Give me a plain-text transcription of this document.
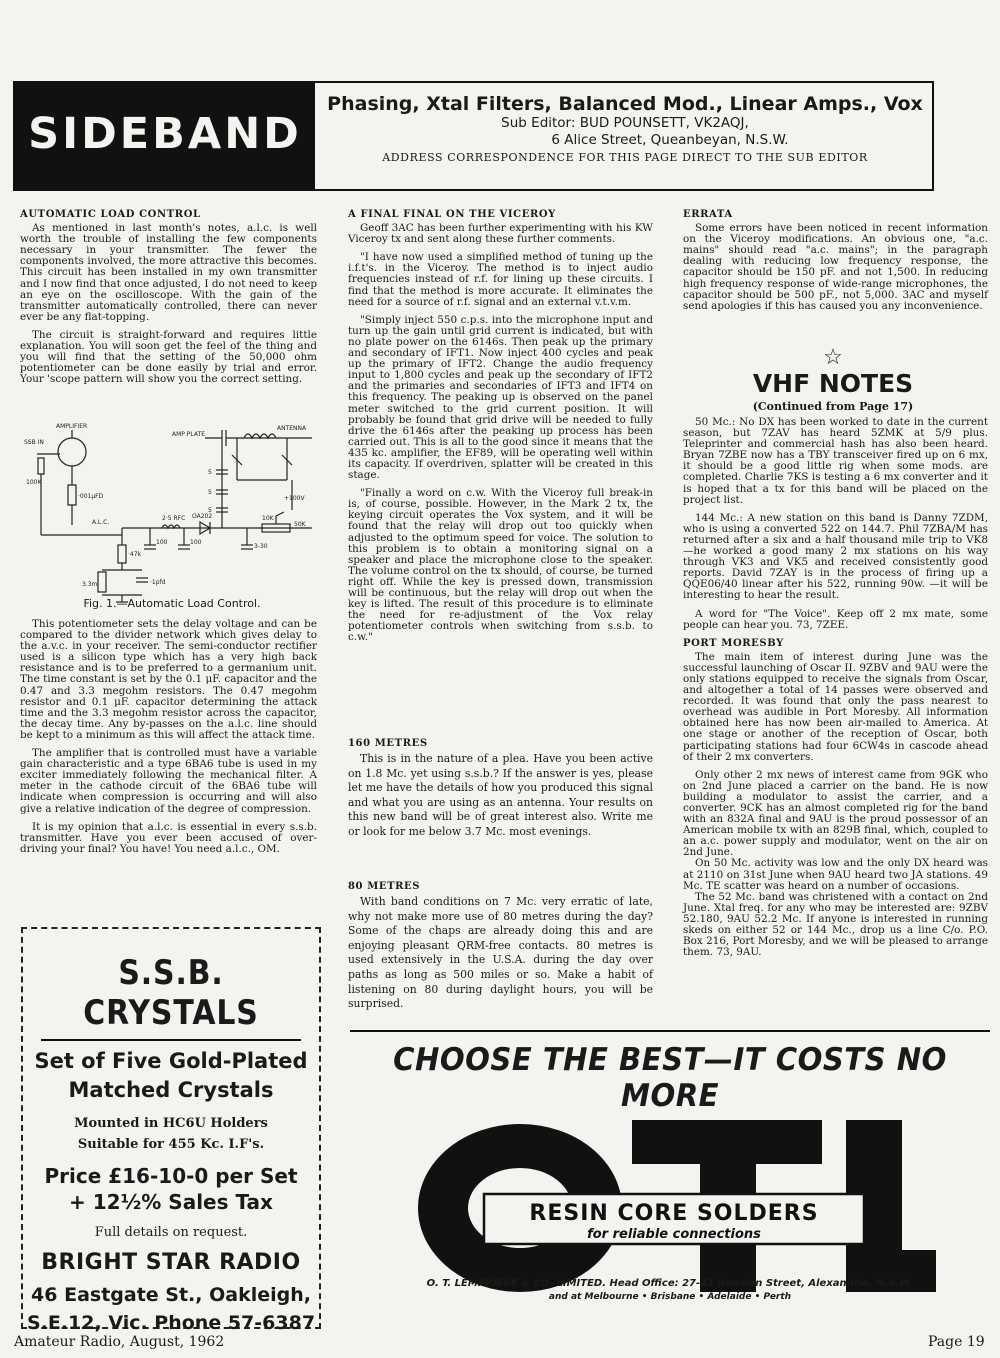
SIDEBAND
Phasing, Xtal Filters, Balanced Mod., Linear Amps., Vox
Sub Editor: BUD POUNSETT, VK2AQJ,
6 Alice Street, Queanbeyan, N.S.W.
ADDRESS CORRESPONDENCE FOR THIS PAGE DIRECT TO THE SUB EDITOR
AUTOMATIC LOAD CONTROL

As mentioned in last month's notes, a.l.c. is well worth the trouble of installing the few components necessary in your transmitter. The fewer the components involved, the more attractive this becomes. This circuit has been installed in my own transmitter and I now find that once adjusted, I do not need to keep an eye on the oscilloscope. With the gain of the transmitter automatically controlled, there can never ever be any flat-topping.

The circuit is straight-forward and requires little explanation. You will soon get the feel of the thing and you will find that the setting of the 50,000 ohm potentiometer can be done easily by trial and error. Your 'scope pattern will show you the correct setting.

AMPLIFIER
SSB IN
100K
·001μFD
AMP PLATE
ANTENNA
2·5 RFC OA202
A.L.C.
·47k
3.3m	·1pfd
100	100
10K
50K
+100V
3-30
5
5
5
Fig. 1.—Automatic Load Control.

This potentiometer sets the delay voltage and can be compared to the divider network which gives delay to the a.v.c. in your receiver. The semi-conductor rectifier used is a silicon type which has a very high back resistance and is to be preferred to a germanium unit. The time constant is set by the 0.1 μF. capacitor and the 0.47 and 3.3 megohm resistors. The 0.47 megohm resistor and 0.1 μF. capacitor determining the attack time and the 3.3 megohm resistor across the capacitor, the decay time. Any by-passes on the a.l.c. line should be kept to a minimum as this will affect the attack time.

The amplifier that is controlled must have a variable gain characteristic and a type 6BA6 tube is used in my exciter immediately following the mechanical filter. A meter in the cathode circuit of the 6BA6 tube will indicate when compression is occurring and will also give a relative indication of the degree of compression.

It is my opinion that a.l.c. is essential in every s.s.b. transmitter. Have you ever been accused of over-driving your final? You have! You need a.l.c., OM.

S.S.B. CRYSTALS
Set of Five Gold-Plated
Matched Crystals
Mounted in HC6U Holders
Suitable for 455 Kc. I.F's.
Price £16-10-0 per Set
+ 12½% Sales Tax
Full details on request.
BRIGHT STAR RADIO
46 Eastgate St., Oakleigh,
S.E.12, Vic. Phone 57-6387
A FINAL FINAL ON THE VICEROY

Geoff 3AC has been further experimenting with his KW Viceroy tx and sent along these further comments.

"I have now used a simplified method of tuning up the i.f.t's. in the Viceroy. The method is to inject audio frequencies instead of r.f. for lining up these circuits. I find that the method is more accurate. It eliminates the need for a source of r.f. signal and an external v.t.v.m.

"Simply inject 550 c.p.s. into the microphone input and turn up the gain until grid current is indicated, but with no plate power on the 6146s. Then peak up the primary and secondary of IFT1. Now inject 400 cycles and peak up the primary of IFT2. Change the audio frequency input to 1,800 cycles and peak up the secondary of IFT2 and the primaries and secondaries of IFT3 and IFT4 on this frequency. The peaking up is observed on the panel meter switched to the grid current position. It will probably be found that grid drive will be needed to fully drive the 6146s after the peaking up process has been carried out. This is all to the good since it means that the 435 kc. amplifier, the EF89, will be operating well within its capacity. If overdriven, splatter will be created in this stage.

"Finally a word on c.w. With the Viceroy full break-in is, of course, possible. However, in the Mark 2 tx, the keying circuit operates the Vox system, and it will be found that the relay will drop out too quickly when adjusted to the optimum speed for voice. The solution to this problem is to obtain a monitoring signal on a speaker and place the microphone close to the speaker. The volume control on the tx should, of course, be turned right off. While the key is pressed down, transmission will be continuous, but the relay will drop out when the key is lifted. The result of this procedure is to eliminate the need for re-adjustment of the Vox relay potentiometer controls when switching from s.s.b. to c.w."

160 METRES

This is in the nature of a plea. Have you been active on 1.8 Mc. yet using s.s.b.? If the answer is yes, please let me have the details of how you produced this signal and what you are using as an antenna. Your results on this new band will be of great interest also. Write me or look for me below 3.7 Mc. most evenings.

80 METRES

With band conditions on 7 Mc. very erratic of late, why not make more use of 80 metres during the day? Some of the chaps are already doing this and are enjoying pleasant QRM-free contacts. 80 metres is used extensively in the U.S.A. during the day over paths as long as 500 miles or so. Make a habit of listening on 80 during daylight hours, you will be surprised.

ERRATA

Some errors have been noticed in recent information on the Viceroy modifications. An obvious one, "a.c. mains" should read "a.c. mains"; in the paragraph dealing with reducing low frequency response, the capacitor should be 150 pF. and not 1,500. In reducing high frequency response of wide-range microphones, the capacitor should be 500 pF., not 5,000. 3AC and myself send apologies if this has caused you any inconvenience.

☆
VHF NOTES
(Continued from Page 17)

50 Mc.: No DX has been worked to date in the current season, but 7ZAV has heard 5ZMK at 5/9 plus. Teleprinter and commercial hash has also been heard. Bryan 7ZBE now has a TBY transceiver fired up on 6 mx, it should be a good little rig when some mods. are completed. Charlie 7KS is testing a 6 mx converter and it is hoped that a tx for this band will be placed on the project list.

144 Mc.: A new station on this band is Danny 7ZDM, who is using a converted 522 on 144.7. Phil 7ZBA/M has returned after a six and a half thousand mile trip to VK8—he worked a good many 2 mx stations on his way through VK3 and VK5 and received consistently good reports. David 7ZAY is in the process of firing up a QQE06/40 linear after his 522, running 90w. —it will be interesting to hear the result.

A word for "The Voice". Keep off 2 mx mate, some people can hear you. 73, 7ZEE.

PORT MORESBY

The main item of interest during June was the successful launching of Oscar II. 9ZBV and 9AU were the only stations equipped to receive the signals from Oscar, and altogether a total of 14 passes were observed and recorded. It was found that only the pass nearest to overhead was audible in Port Moresby. All information obtained here has now been air-mailed to America. At one stage or another of the reception of Oscar, both participating stations had four 6CW4s in cascode ahead of their 2 mx converters.

Only other 2 mx news of interest came from 9GK who on 2nd June placed a carrier on the band. He is now building a modulator to assist the carrier, and a converter. 9CK has an almost completed rig for the band with an 832A final and 9AU is the proud possessor of an American mobile tx with an 829B final, which, coupled to an a.c. power supply and modulator, went on the air on 2nd June.

On 50 Mc. activity was low and the only DX heard was at 2110 on 31st June when 9AU heard two JA stations. 49 Mc. TE scatter was heard on a number of occasions.

The 52 Mc. band was christened with a contact on 2nd June. Xtal freq. for any who may be interested are: 9ZBV 52.180, 9AU 52.2 Mc. If anyone is interested in running skeds on either 52 or 144 Mc., drop us a line C/o. P.O. Box 216, Port Moresby, and we will be pleased to arrange them. 73, 9AU.

CHOOSE THE BEST—IT COSTS NO MORE
RESIN CORE SOLDERS
for reliable connections
O. T. LEMPRIERE & CO. LIMITED. Head Office: 27-41 Bowden Street, Alexandria, N.S.W.
and at Melbourne • Brisbane • Adelaide • Perth
Amateur Radio, August, 1962	Page 19
